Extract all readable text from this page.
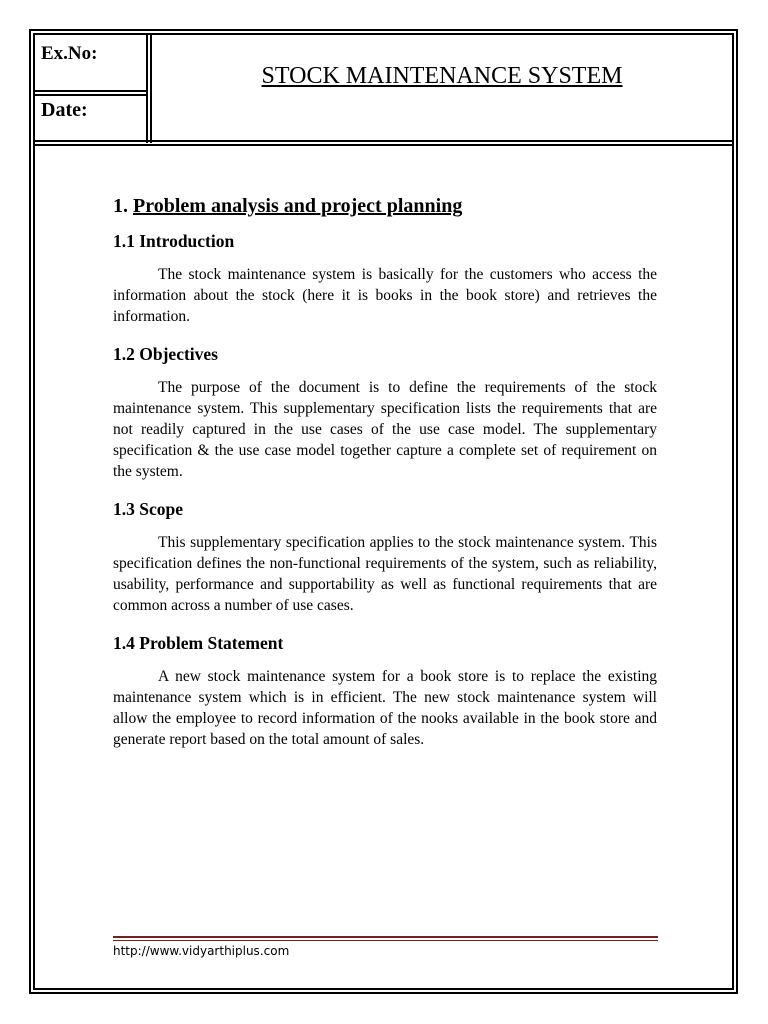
Ex.No:
Date:
STOCK MAINTENANCE SYSTEM
1. Problem analysis and project planning
1.1 Introduction

The stock maintenance system is basically for the customers who access the information about the stock (here it is books in the book store) and retrieves the information.

1.2 Objectives

The purpose of the document is to define the requirements of the stock maintenance system. This supplementary specification lists the requirements that are not readily captured in the use cases of the use case model. The supplementary specification & the use case model together capture a complete set of requirement on the system.

1.3 Scope

This supplementary specification applies to the stock maintenance system. This specification defines the non-functional requirements of the system, such as reliability, usability, performance and supportability as well as functional requirements that are common across a number of use cases.

1.4 Problem Statement

A new stock maintenance system for a book store is to replace the existing maintenance system which is in efficient. The new stock maintenance system will allow the employee to record information of the nooks available in the book store and generate report based on the total amount of sales.

http://www.vidyarthiplus.com
